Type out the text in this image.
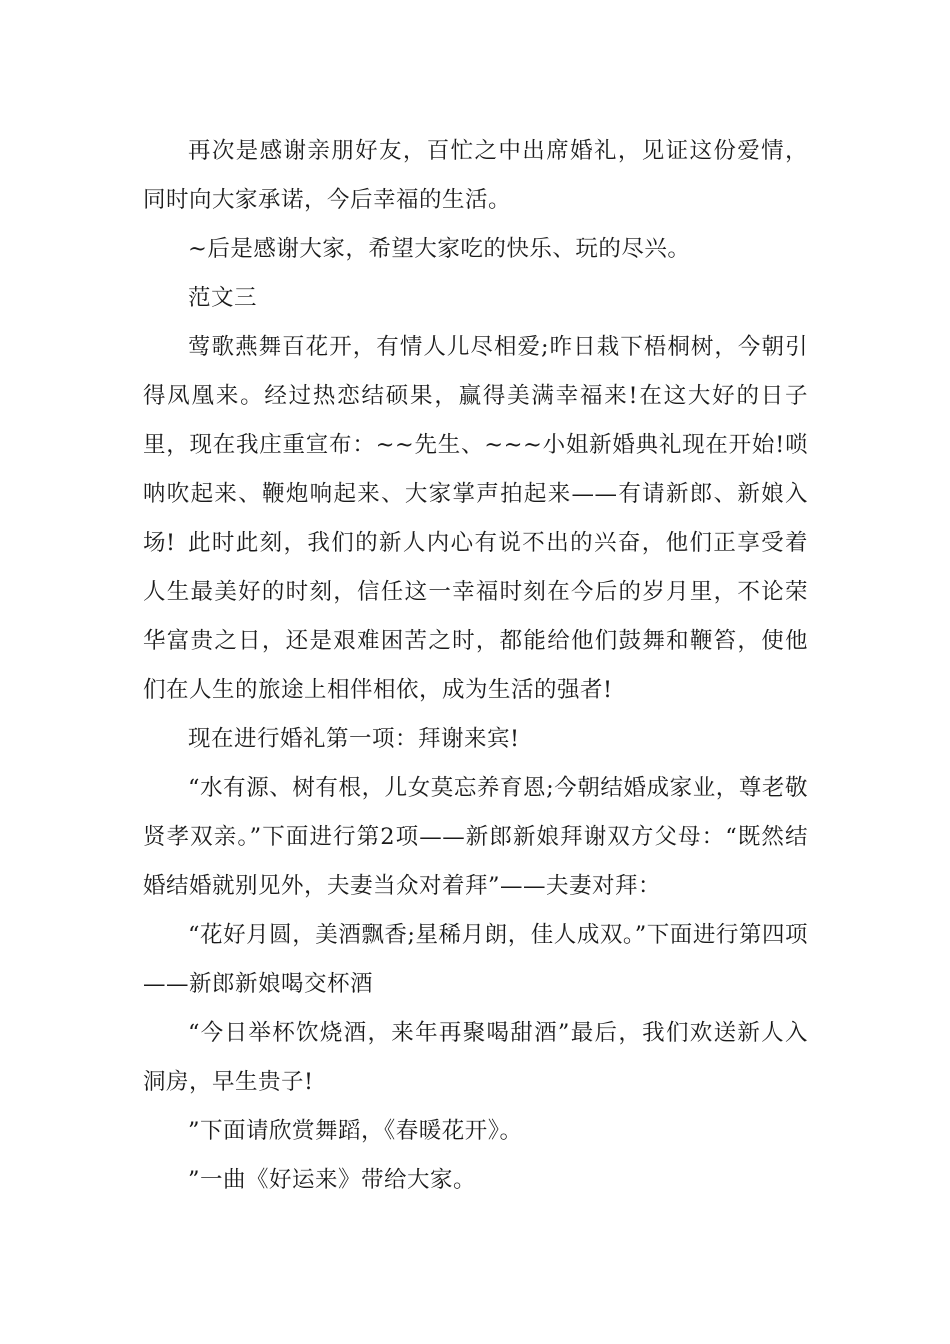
再次是感谢亲朋好友，百忙之中出席婚礼，见证这份爱情，同时向大家承诺，今后幸福的生活。

~后是感谢大家，希望大家吃的快乐、玩的尽兴。

范文三

莺歌燕舞百花开，有情人儿尽相爱;昨日栽下梧桐树，今朝引得凤凰来。经过热恋结硕果，赢得美满幸福来!在这大好的日子里，现在我庄重宣布：~~先生、~~~小姐新婚典礼现在开始!唢呐吹起来、鞭炮响起来、大家掌声拍起来——有请新郎、新娘入场! 此时此刻，我们的新人内心有说不出的兴奋，他们正享受着人生最美好的时刻，信任这一幸福时刻在今后的岁月里，不论荣华富贵之日，还是艰难困苦之时，都能给他们鼓舞和鞭笞，使他们在人生的旅途上相伴相依，成为生活的强者!

现在进行婚礼第一项：拜谢来宾!

“水有源、树有根，儿女莫忘养育恩;今朝结婚成家业，尊老敬贤孝双亲。”下面进行第2项——新郎新娘拜谢双方父母：“既然结婚结婚就别见外，夫妻当众对着拜”——夫妻对拜：

“花好月圆，美酒飘香;星稀月朗，佳人成双。”下面进行第四项——新郎新娘喝交杯酒

“今日举杯饮烧酒，来年再聚喝甜酒”最后，我们欢送新人入洞房，早生贵子!

”下面请欣赏舞蹈，《春暖花开》。

”一曲《好运来》带给大家。
